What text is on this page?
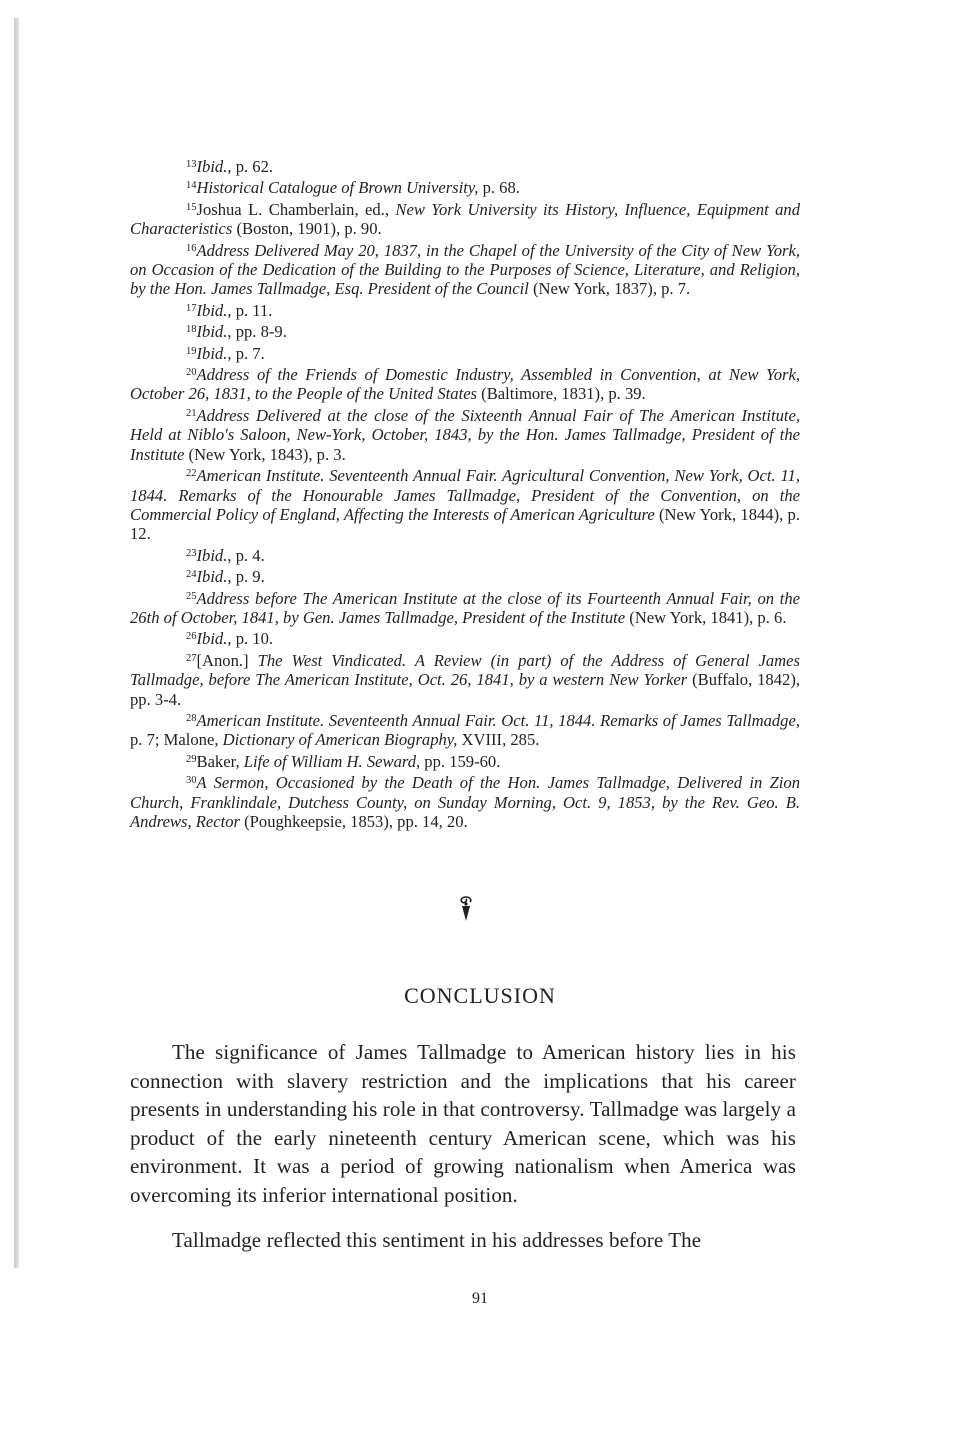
$^{13}$Ibid., p. 62.

$^{14}$Historical Catalogue of Brown University, p. 68.

$^{15}$Joshua L. Chamberlain, ed., New York University its History, Influence, Equipment and Characteristics (Boston, 1901), p. 90.

$^{16}$Address Delivered May 20, 1837, in the Chapel of the University of the City of New York, on Occasion of the Dedication of the Building to the Purposes of Science, Literature, and Religion, by the Hon. James Tallmadge, Esq. President of the Council (New York, 1837), p. 7.

$^{17}$Ibid., p. 11.

$^{18}$Ibid., pp. 8-9.

$^{19}$Ibid., p. 7.

$^{20}$Address of the Friends of Domestic Industry, Assembled in Convention, at New York, October 26, 1831, to the People of the United States (Baltimore, 1831), p. 39.

$^{21}$Address Delivered at the close of the Sixteenth Annual Fair of The American Institute, Held at Niblo's Saloon, New-York, October, 1843, by the Hon. James Tallmadge, President of the Institute (New York, 1843), p. 3.

$^{22}$American Institute. Seventeenth Annual Fair. Agricultural Convention, New York, Oct. 11, 1844. Remarks of the Honourable James Tallmadge, President of the Convention, on the Commercial Policy of England, Affecting the Interests of American Agriculture (New York, 1844), p. 12.

$^{23}$Ibid., p. 4.

$^{24}$Ibid., p. 9.

$^{25}$Address before The American Institute at the close of its Fourteenth Annual Fair, on the 26th of October, 1841, by Gen. James Tallmadge, President of the Institute (New York, 1841), p. 6.

$^{26}$Ibid., p. 10.

$^{27}$[Anon.] The West Vindicated. A Review (in part) of the Address of General James Tallmadge, before The American Institute, Oct. 26, 1841, by a western New Yorker (Buffalo, 1842), pp. 3-4.

$^{28}$American Institute. Seventeenth Annual Fair. Oct. 11, 1844. Remarks of James Tallmadge, p. 7; Malone, Dictionary of American Biography, XVIII, 285.

$^{29}$Baker, Life of William H. Seward, pp. 159-60.

$^{30}$A Sermon, Occasioned by the Death of the Hon. James Tallmadge, Delivered in Zion Church, Franklindale, Dutchess County, on Sunday Morning, Oct. 9, 1853, by the Rev. Geo. B. Andrews, Rector (Poughkeepsie, 1853), pp. 14, 20.

CONCLUSION

The significance of James Tallmadge to American history lies in his connection with slavery restriction and the implications that his career presents in understanding his role in that controversy. Tallmadge was largely a product of the early nineteenth century American scene, which was his environment. It was a period of growing nationalism when America was overcoming its inferior international position.

Tallmadge reflected this sentiment in his addresses before The

91
